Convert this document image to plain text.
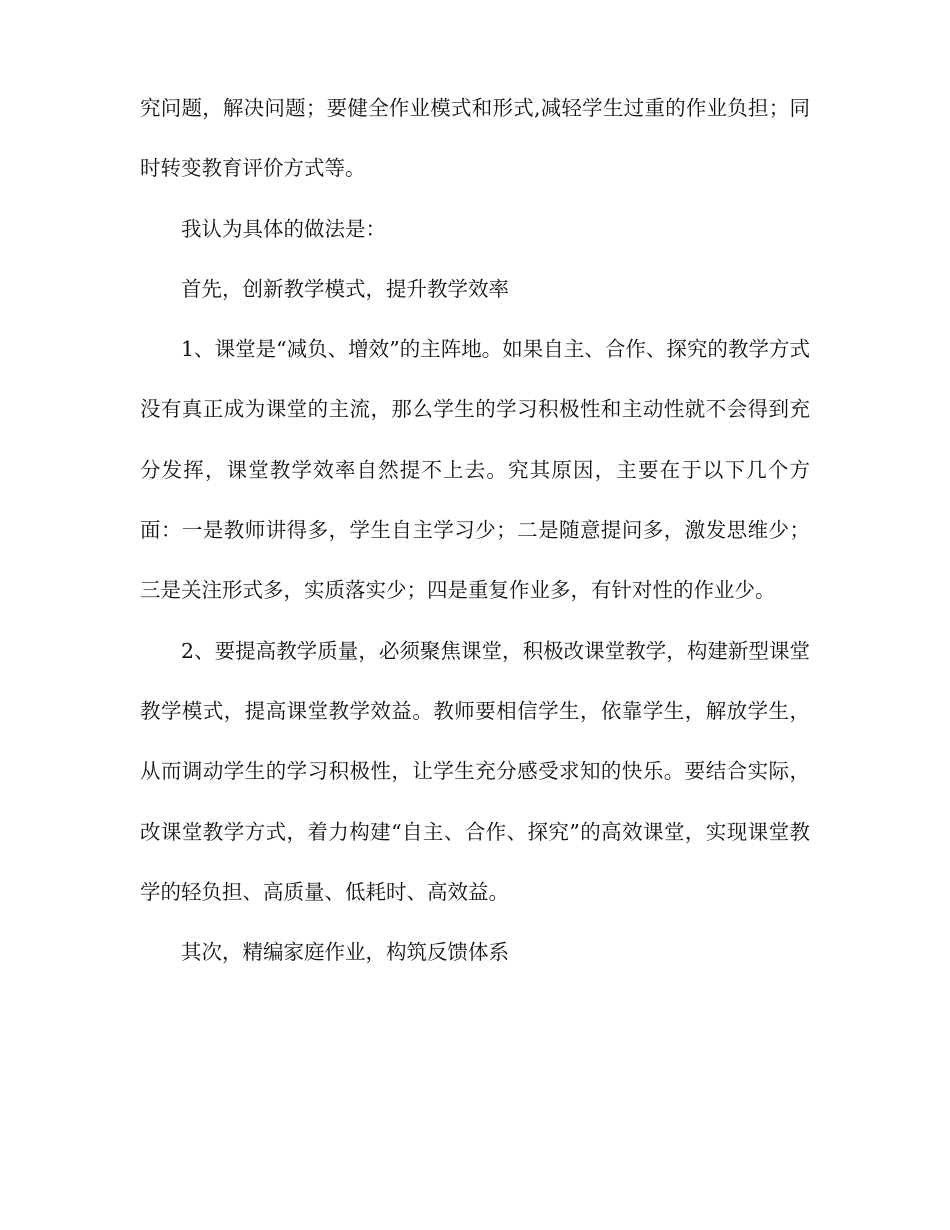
究问题，解决问题；要健全作业模式和形式,减轻学生过重的作业负担；同时转变教育评价方式等。

我认为具体的做法是：

首先，创新教学模式，提升教学效率

1、课堂是“减负、增效”的主阵地。如果自主、合作、探究的教学方式没有真正成为课堂的主流，那么学生的学习积极性和主动性就不会得到充分发挥，课堂教学效率自然提不上去。究其原因，主要在于以下几个方面：一是教师讲得多，学生自主学习少；二是随意提问多，激发思维少；三是关注形式多，实质落实少；四是重复作业多，有针对性的作业少。

2、要提高教学质量，必须聚焦课堂，积极改课堂教学，构建新型课堂教学模式，提高课堂教学效益。教师要相信学生，依靠学生，解放学生，从而调动学生的学习积极性，让学生充分感受求知的快乐。要结合实际，改课堂教学方式，着力构建“自主、合作、探究”的高效课堂，实现课堂教学的轻负担、高质量、低耗时、高效益。

其次，精编家庭作业，构筑反馈体系
